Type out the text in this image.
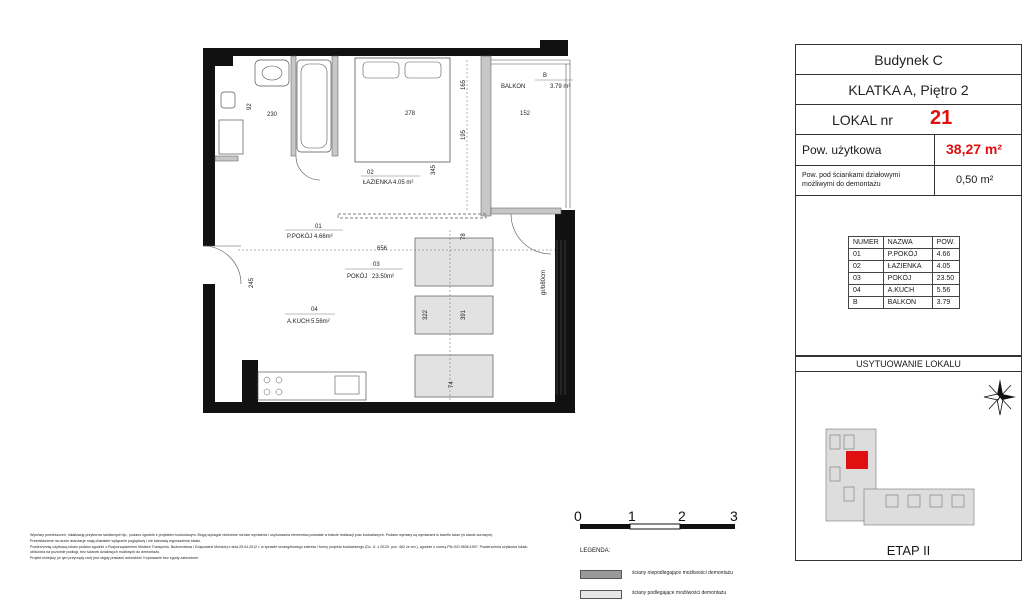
02
ŁAZIENKA 4.05 m²
01
P.POKÓJ 4.66m²
03
POKÓJ 23.50m²
04
A.KUCH 5.56m²
B
BALKON	3.79 m²
230	278	152
656
92
165
195
345
78
322	391
74
245	gr/b80cm
Budynek C
KLATKA A, Piętro 2
LOKAL nr 21
Pow. użytkowa	38,27 m²
Pow. pod ściankami działowymi możliwymi do demontażu	0,50 m²
NUMER	NAZWA	POW.
01	P.POKÓJ	4.66
02	ŁAZIENKA	4.05
03	POKÓJ	23.50
04	A.KUCH	5.56
B	BALKON	3.79
USYTUOWANIE LOKALU
ETAP II
0	1	2	3
LEGENDA:
ściany niepodlegające możliwości demontażu
ściany podlegające możliwości demontażu

Wymiary pomieszczeń, lokalizację przyborów sanitarnych itp., podano zgodnie z projektem budowlanym. Mogą wystąpić nieistotne różnice wymiarów i usytuowania elementów powstałe w trakcie realizacji prac budowlanych. Podane wymiary są wymiarami w świetle ścian (w stanie surowym).

Przedstawione na rzucie aranżacje mają charakter wyłącznie poglądowy i nie stanowią wyposażenia lokalu.

Powierzchnię użytkową lokalu podano zgodnie z Rozporządzeniem Ministra Transportu, Budownictwa i Gospodarki Morskiej z dnia 25.04.2012 r. w sprawie szczegółowego zakresu i formy projektu budowlanego (Dz. U. z 2012r. poz. 462 ze zm.), zgodnie z normą PN-ISO 9836:1997. Powierzchnia użytkowa lokalu obliczona na poziomie podłogi, bez ścianek działowych możliwych do demontażu.

Projekt niniejszy (w tym przyrządy rzut) jest objęty prawami autorskimi. Kopiowanie bez zgody zabronione.
